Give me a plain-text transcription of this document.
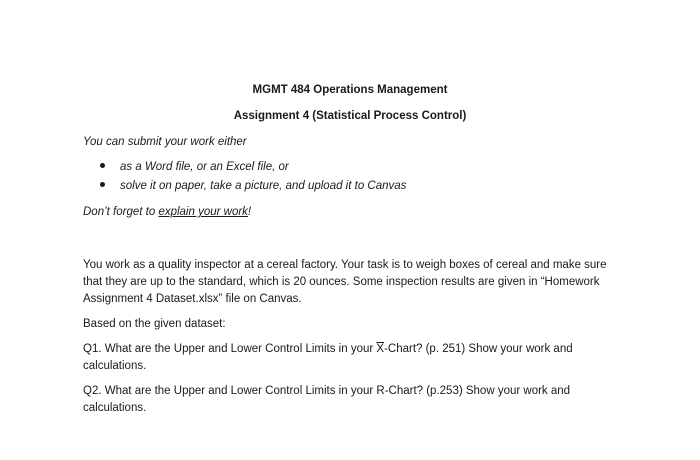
MGMT 484 Operations Management

Assignment 4 (Statistical Process Control)

You can submit your work either

as a Word file, or an Excel file, or
solve it on paper, take a picture, and upload it to Canvas

Don’t forget to explain your work!

You work as a quality inspector at a cereal factory. Your task is to weigh boxes of cereal and make sure that they are up to the standard, which is 20 ounces. Some inspection results are given in “Homework Assignment 4 Dataset.xlsx” file on Canvas.

Based on the given dataset:

Q1. What are the Upper and Lower Control Limits in your $\overline{X}$-Chart? (p. 251) Show your work and calculations.

Q2. What are the Upper and Lower Control Limits in your R-Chart? (p.253) Show your work and calculations.
